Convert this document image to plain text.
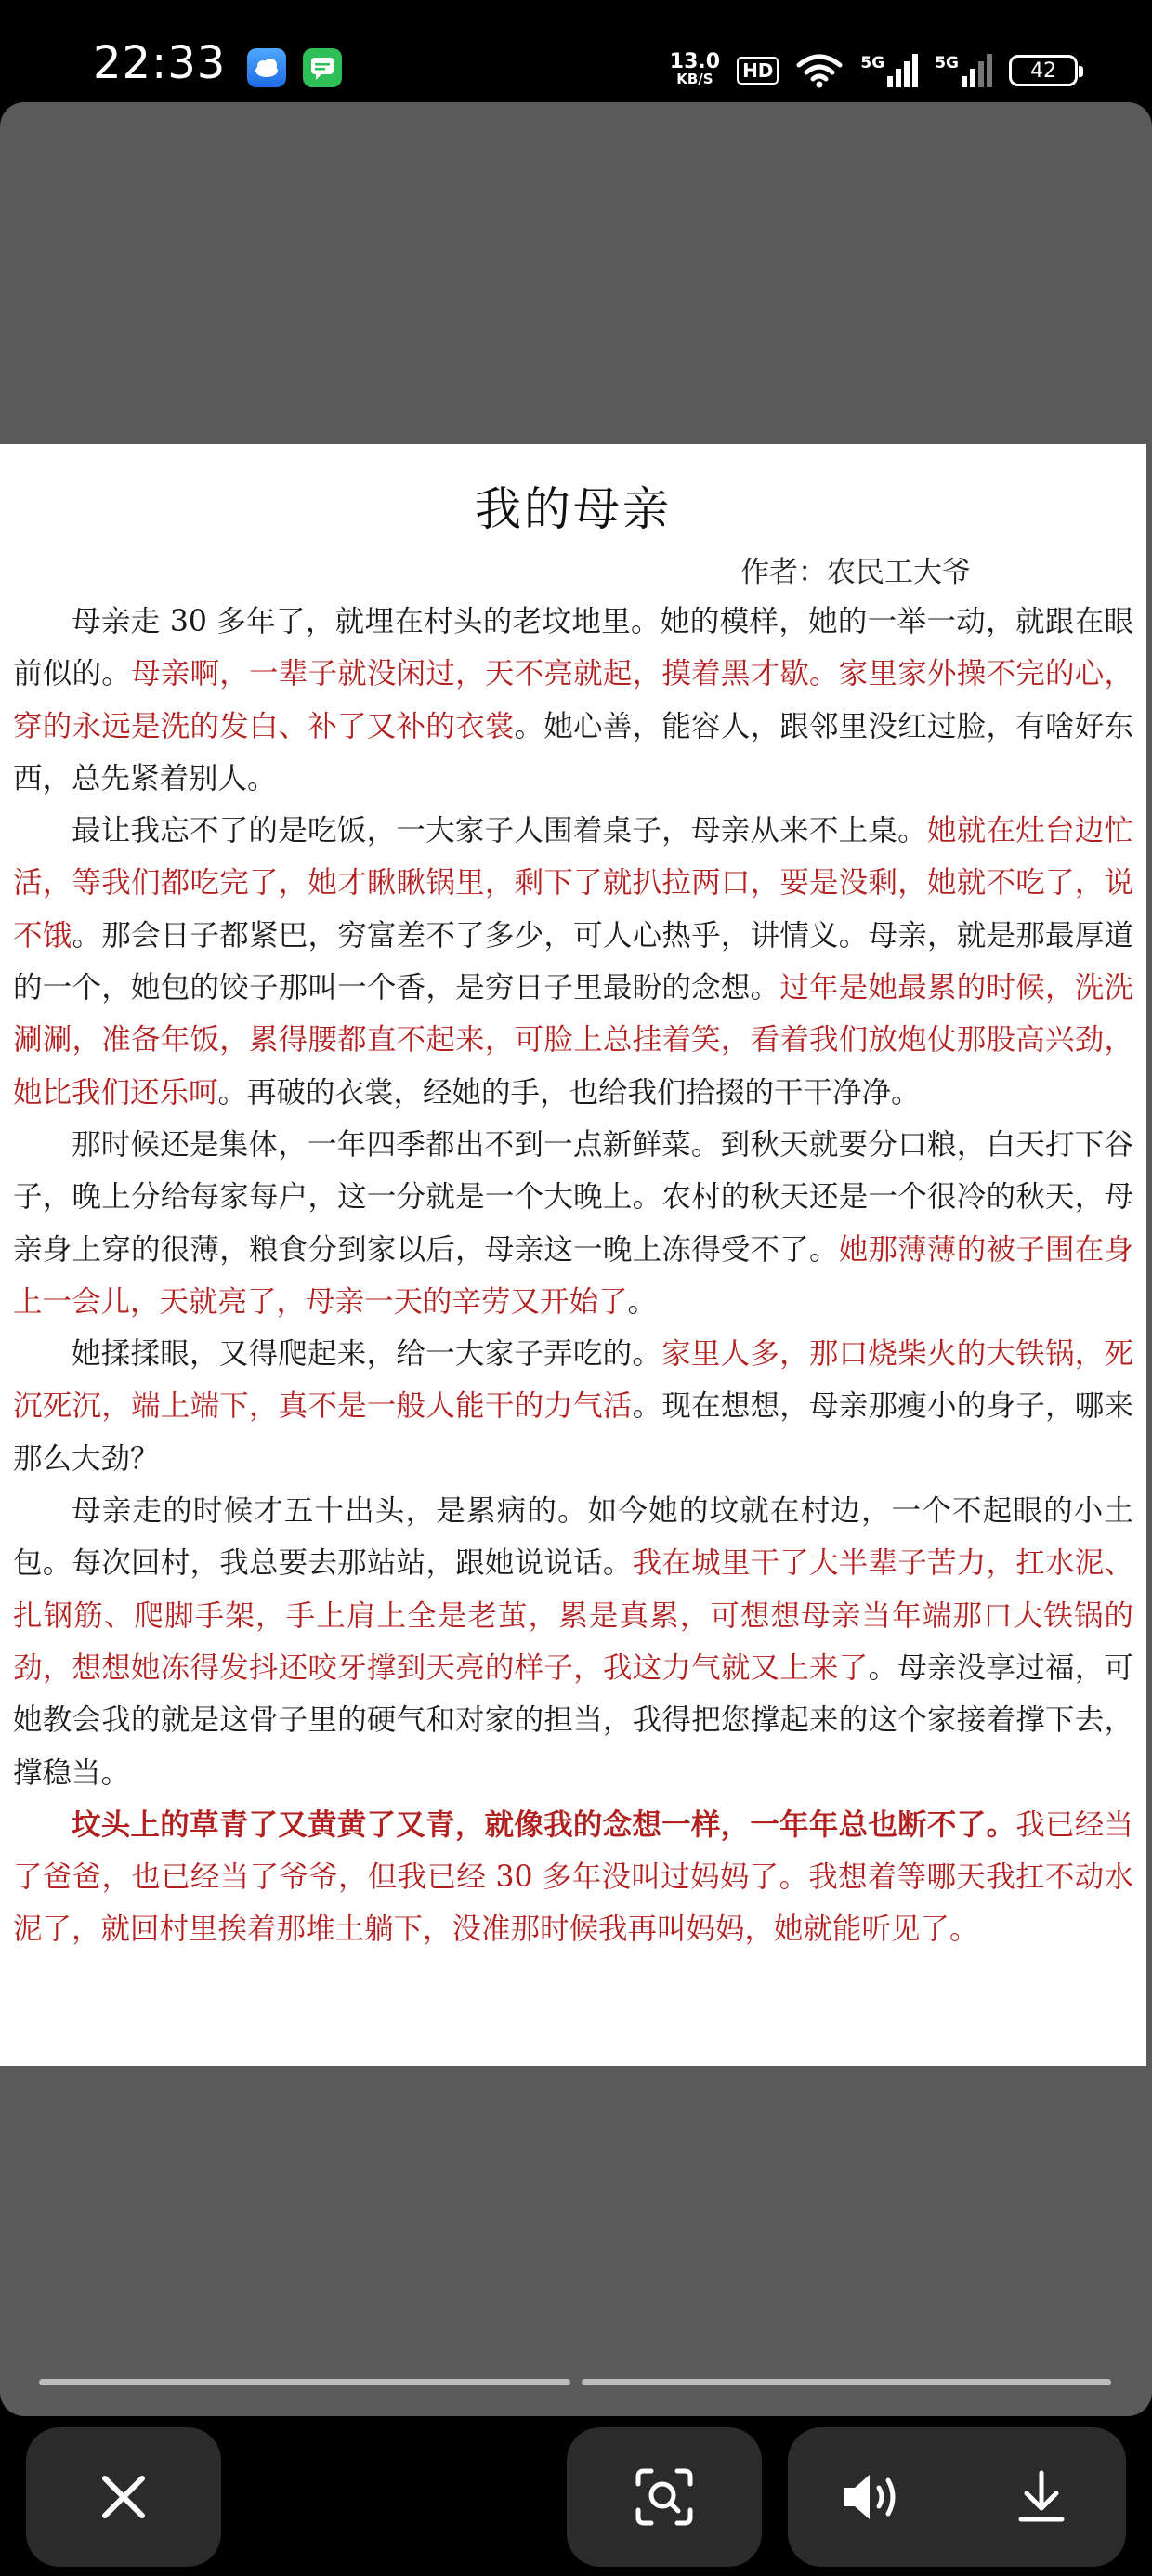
22:33	13.0
KB/S	HD	5G	5G	42
我的母亲
作者：农民工大爷

母亲走 30 多年了，就埋在村头的老坟地里。她的模样，她的一举一动，就跟在眼前似的。母亲啊，一辈子就没闲过，天不亮就起，摸着黑才歇。家里家外操不完的心，穿的永远是洗的发白、补了又补的衣裳。她心善，能容人，跟邻里没红过脸，有啥好东西，总先紧着别人。

最让我忘不了的是吃饭，一大家子人围着桌子，母亲从来不上桌。她就在灶台边忙活，等我们都吃完了，她才瞅瞅锅里，剩下了就扒拉两口，要是没剩，她就不吃了，说不饿。那会日子都紧巴，穷富差不了多少，可人心热乎，讲情义。母亲，就是那最厚道的一个，她包的饺子那叫一个香，是穷日子里最盼的念想。过年是她最累的时候，洗洗涮涮，准备年饭，累得腰都直不起来，可脸上总挂着笑，看着我们放炮仗那股高兴劲，她比我们还乐呵。再破的衣裳，经她的手，也给我们拾掇的干干净净。

那时候还是集体，一年四季都出不到一点新鲜菜。到秋天就要分口粮，白天打下谷子，晚上分给每家每户，这一分就是一个大晚上。农村的秋天还是一个很冷的秋天，母亲身上穿的很薄，粮食分到家以后，母亲这一晚上冻得受不了。她那薄薄的被子围在身上一会儿，天就亮了，母亲一天的辛劳又开始了。

她揉揉眼，又得爬起来，给一大家子弄吃的。家里人多，那口烧柴火的大铁锅，死沉死沉，端上端下，真不是一般人能干的力气活。现在想想，母亲那瘦小的身子，哪来那么大劲？

母亲走的时候才五十出头，是累病的。如今她的坟就在村边，一个不起眼的小土包。每次回村，我总要去那站站，跟她说说话。我在城里干了大半辈子苦力，扛水泥、扎钢筋、爬脚手架，手上肩上全是老茧，累是真累，可想想母亲当年端那口大铁锅的劲，想想她冻得发抖还咬牙撑到天亮的样子，我这力气就又上来了。母亲没享过福，可她教会我的就是这骨子里的硬气和对家的担当，我得把您撑起来的这个家接着撑下去，撑稳当。

坟头上的草青了又黄黄了又青，就像我的念想一样，一年年总也断不了。我已经当了爸爸，也已经当了爷爷，但我已经 30 多年没叫过妈妈了。我想着等哪天我扛不动水泥了，就回村里挨着那堆土躺下，没准那时候我再叫妈妈，她就能听见了。
